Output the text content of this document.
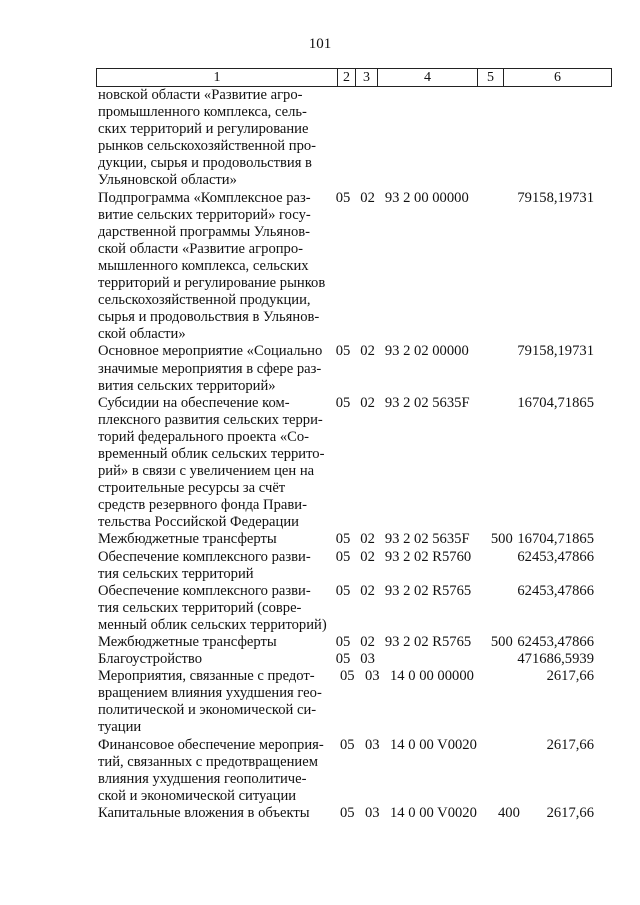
101
1	2 3	4	5	6
новской области «Развитие агро-
промышленного комплекса, сель-
ских территорий и регулирование
рынков сельскохозяйственной про-
дукции, сырья и продовольствия в
Ульяновской области»
Подпрограмма «Комплексное раз-	05 02 93 2 00 00000	79158,19731
витие сельских территорий» госу-
дарственной программы Ульянов-
ской области «Развитие агропро-
мышленного комплекса, сельских
территорий и регулирование рынков
сельскохозяйственной продукции,
сырья и продовольствия в Ульянов-
ской области»
Основное мероприятие «Социально 05 02 93 2 02 00000	79158,19731
значимые мероприятия в сфере раз-
вития сельских территорий»
Субсидии на обеспечение ком-	05 02 93 2 02 5635F	16704,71865
плексного развития сельских терри-
торий федерального проекта «Со-
временный облик сельских террито-
рий» в связи с увеличением цен на
строительные ресурсы за счёт
средств резервного фонда Прави-
тельства Российской Федерации
Межбюджетные трансферты	05 02 93 2 02 5635F	500 16704,71865
Обеспечение комплексного разви-	05 02 93 2 02 R5760	62453,47866
тия сельских территорий
Обеспечение комплексного разви-	05 02 93 2 02 R5765	62453,47866
тия сельских территорий (совре-
менный облик сельских территорий)
Межбюджетные трансферты	05 02 93 2 02 R5765	500 62453,47866
Благоустройство	05 03	471686,5939
Мероприятия, связанные с предот-	05 03 14 0 00 00000	2617,66
вращением влияния ухудшения гео-
политической и экономической си-
туации
Финансовое обеспечение мероприя-	05 03 14 0 00 V0020	2617,66
тий, связанных с предотвращением
влияния ухудшения геополитиче-
ской и экономической ситуации
Капитальные вложения в объекты	05 03 14 0 00 V0020	400	2617,66
